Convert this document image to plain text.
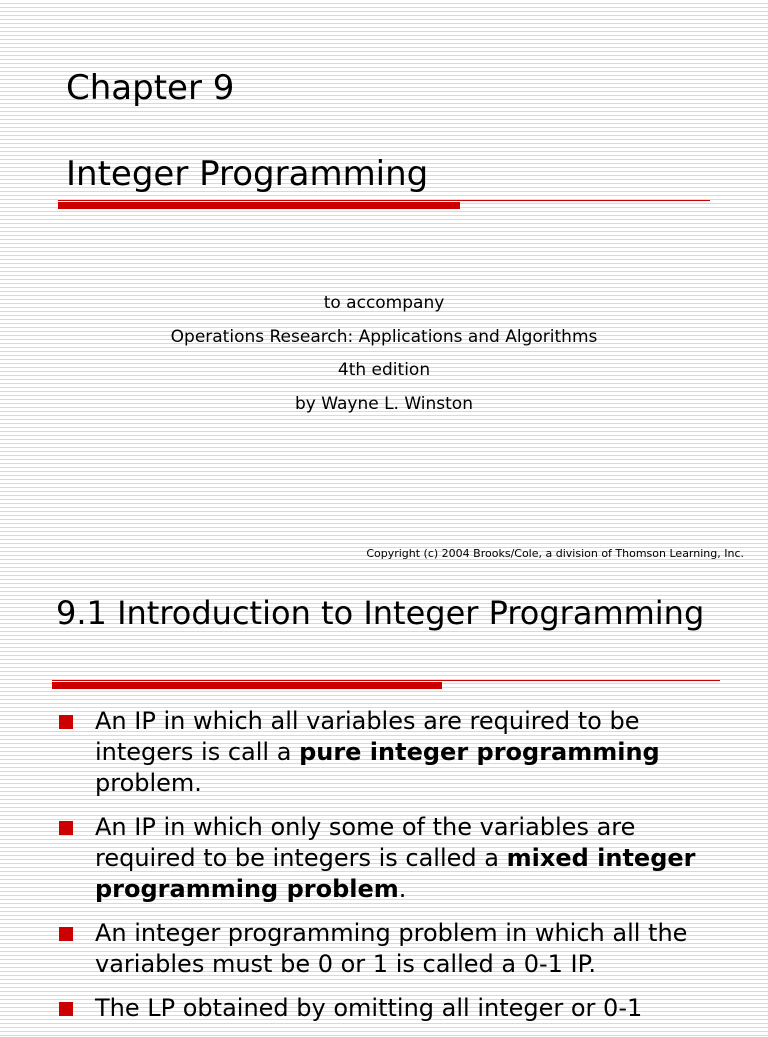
Chapter 9
Integer Programming
to accompany
Operations Research: Applications and Algorithms
4th edition
by Wayne L. Winston
Copyright (c) 2004 Brooks/Cole, a division of Thomson Learning, Inc.
9.1 Introduction to Integer Programming
An IP in which all variables are required to be integers is call a pure integer programming problem.
An IP in which only some of the variables are required to be integers is called a mixed integer programming problem.
An integer programming problem in which all the variables must be 0 or 1 is called a 0-1 IP.
The LP obtained by omitting all integer or 0-1
